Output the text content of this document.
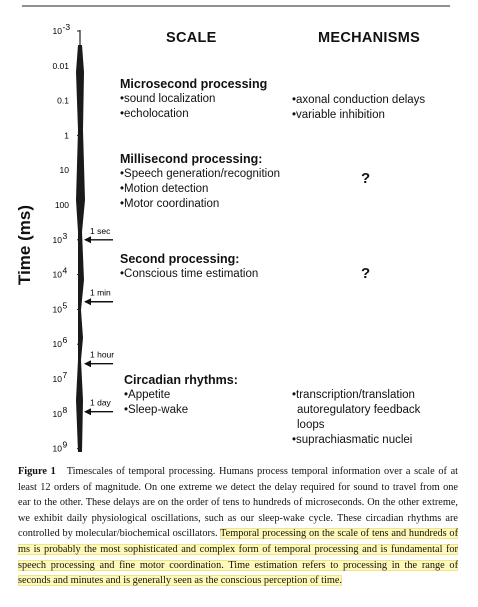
10 -3
0.01
0.1
1
10
100
10 3
10 4
10 5
10 6
10 7
10 8
10 9
1 sec
1 min
1 hour
1 day
Time (ms)
SCALE	MECHANISMS
Microsecond processing
•sound localization
•echolocation
•axonal conduction delays
•variable inhibition
Millisecond processing:
•Speech generation/recognition
•Motion detection
•Motor coordination
?
Second processing:
•Conscious time estimation	?
Circadian rhythms:
•Appetite
•Sleep-wake
•transcription/translation
autoregulatory feedback
loops
•suprachiasmatic nuclei
Figure 1 Timescales of temporal processing. Humans process temporal information over a scale of at least 12 orders of magnitude. On one extreme we detect the delay required for sound to travel from one ear to the other. These delays are on the order of tens to hundreds of microseconds. On the other extreme, we exhibit daily physiological oscillations, such as our sleep-wake cycle. These circadian rhythms are controlled by molecular/biochemical oscillators. Temporal processing on the scale of tens and hundreds of ms is probably the most sophisticated and complex form of temporal processing and is fundamental for speech processing and fine motor coordination. Time estimation refers to processing in the range of seconds and minutes and is generally seen as the conscious perception of time.
